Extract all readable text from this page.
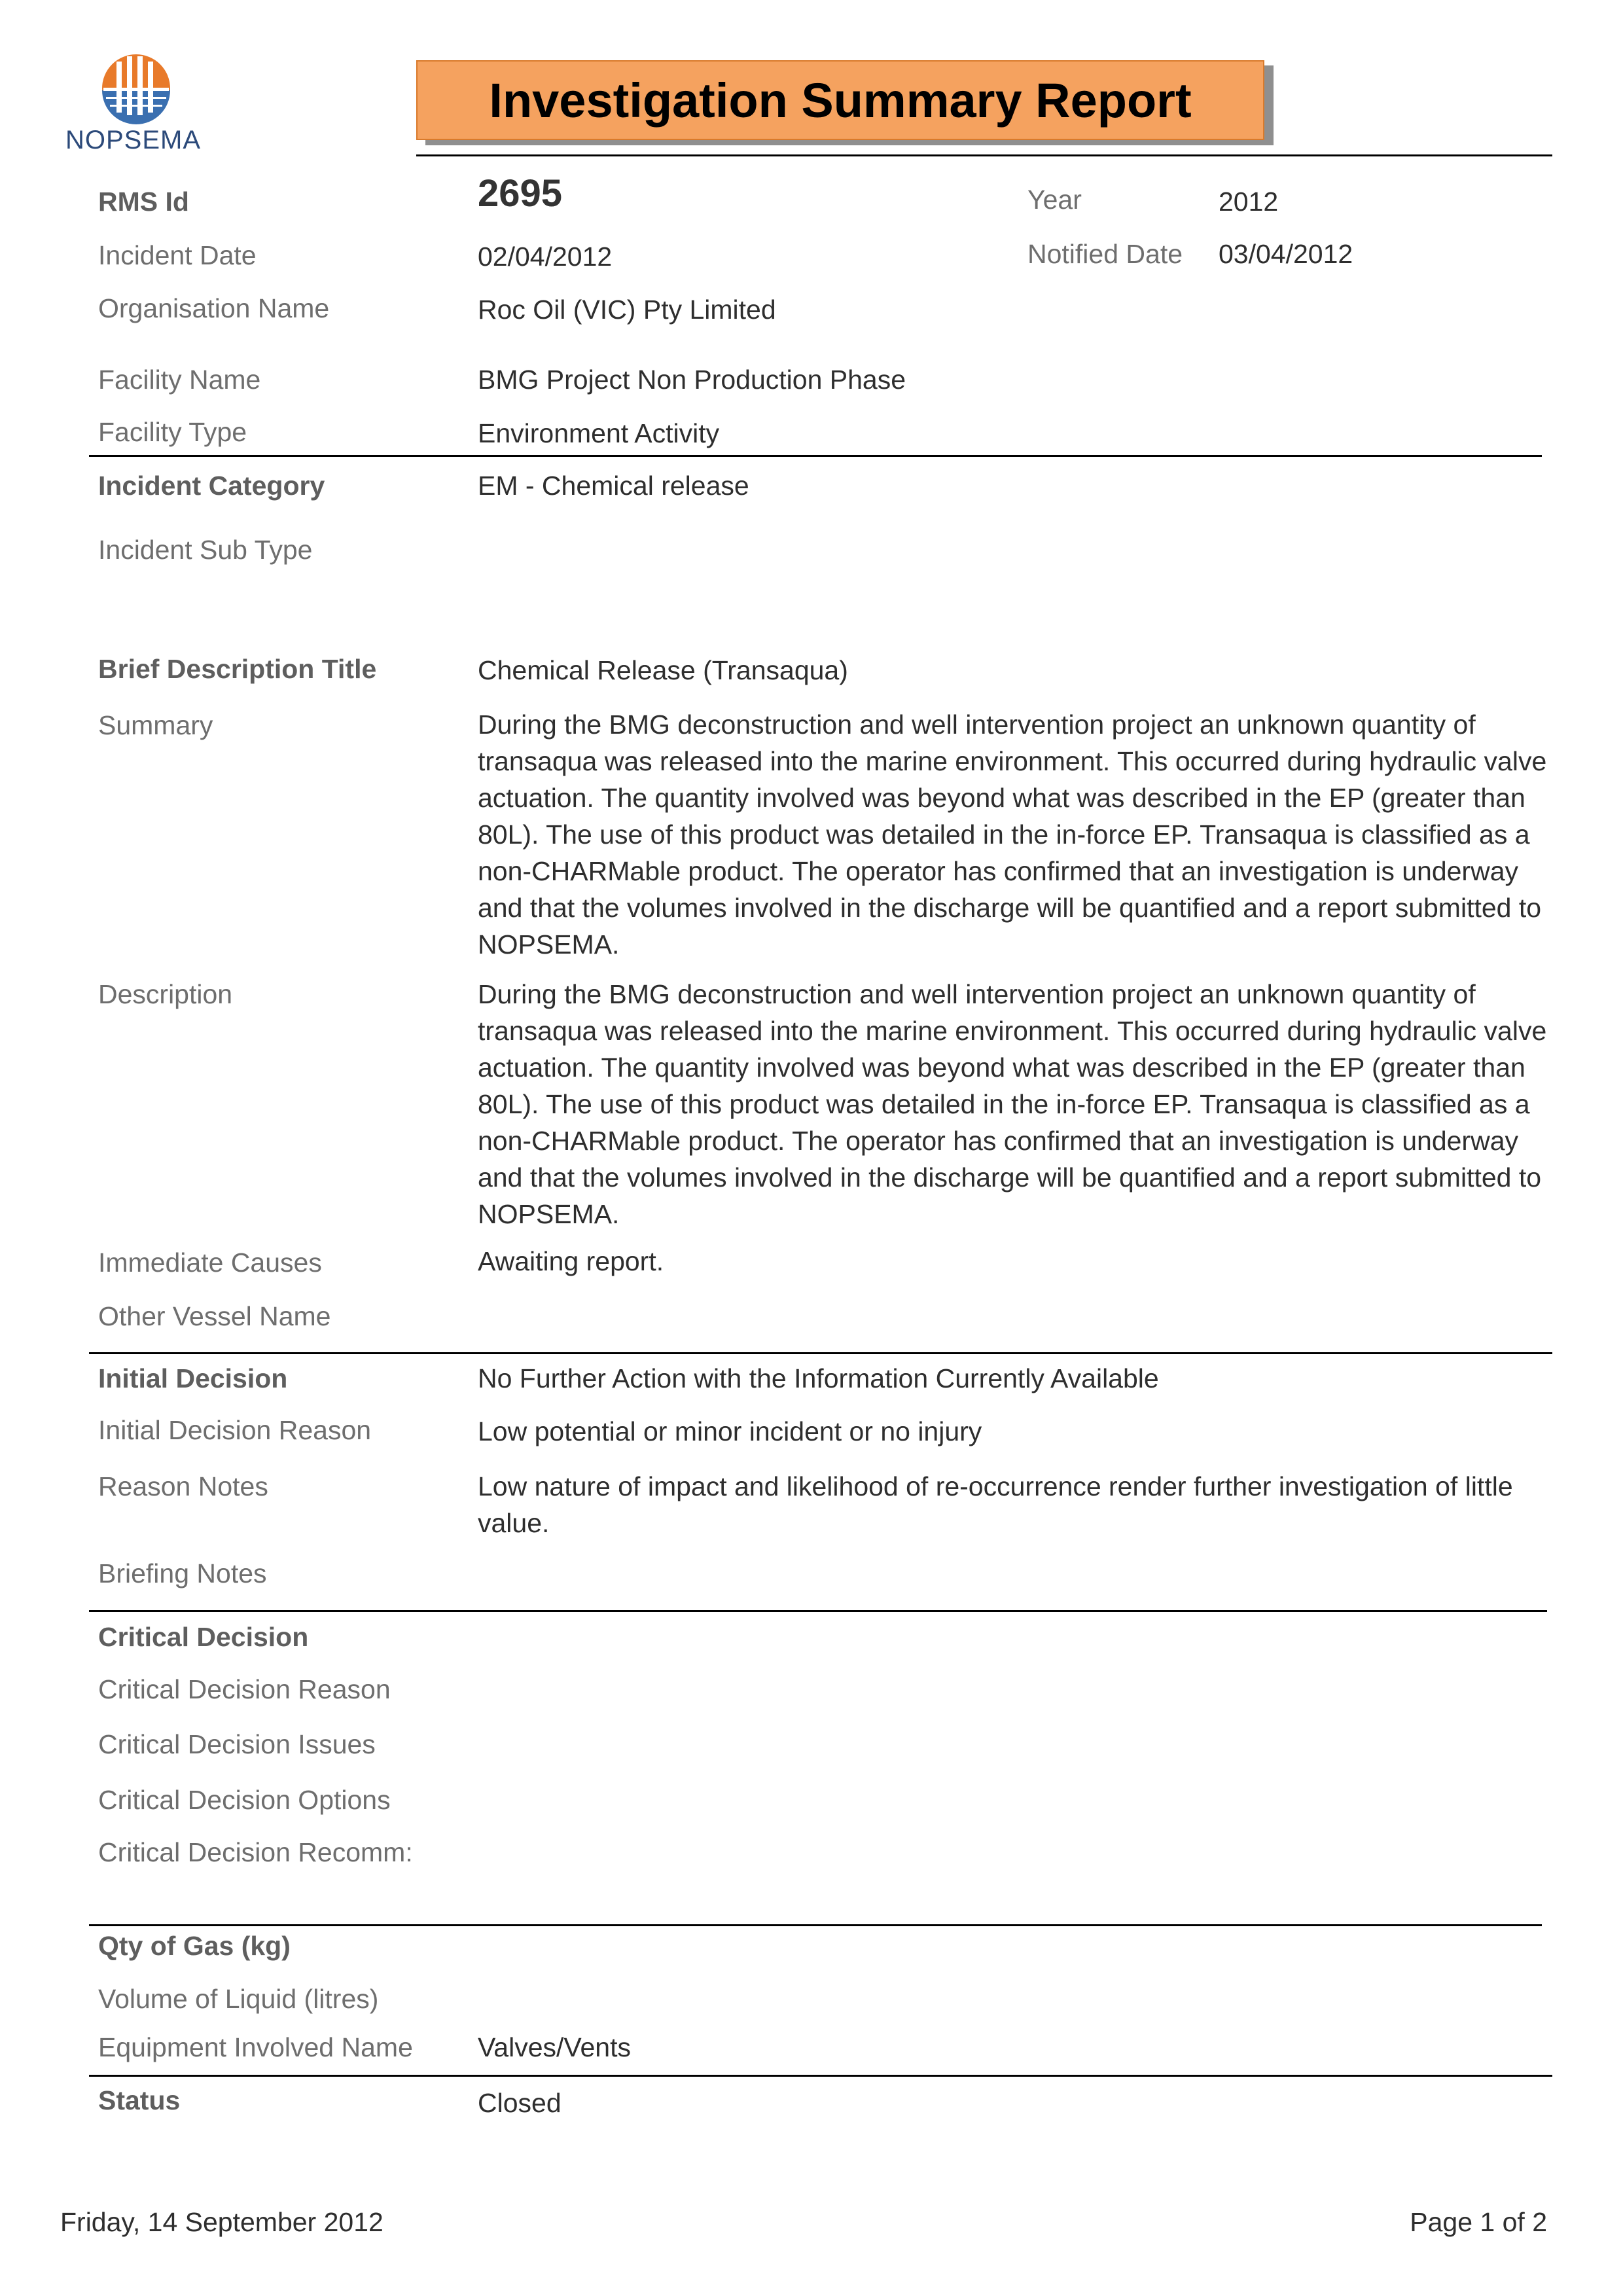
NOPSEMA
Investigation Summary Report
RMS Id	2695	Year	2012
Incident Date	02/04/2012	Notified Date 03/04/2012
Organisation Name	Roc Oil (VIC) Pty Limited
Facility Name	BMG Project Non Production Phase
Facility Type	Environment Activity
Incident Category	EM - Chemical release
Incident Sub Type
Brief Description Title	Chemical Release (Transaqua)
Summary	During the BMG deconstruction and well intervention project an unknown quantity of transaqua was released into the marine environment. This occurred during hydraulic valve actuation. The quantity involved was beyond what was described in the EP (greater than 80L). The use of this product was detailed in the in-force EP. Transaqua is classified as a non-CHARMable product. The operator has confirmed that an investigation is underway and that the volumes involved in the discharge will be quantified and a report submitted to NOPSEMA.
Description	During the BMG deconstruction and well intervention project an unknown quantity of transaqua was released into the marine environment. This occurred during hydraulic valve actuation. The quantity involved was beyond what was described in the EP (greater than 80L). The use of this product was detailed in the in-force EP. Transaqua is classified as a non-CHARMable product. The operator has confirmed that an investigation is underway and that the volumes involved in the discharge will be quantified and a report submitted to NOPSEMA.
Immediate Causes	Awaiting report.
Other Vessel Name
Initial Decision	No Further Action with the Information Currently Available
Initial Decision Reason	Low potential or minor incident or no injury
Reason Notes	Low nature of impact and likelihood of re-occurrence render further investigation of little value.
Briefing Notes
Critical Decision
Critical Decision Reason
Critical Decision Issues
Critical Decision Options
Critical Decision Recomm:
Qty of Gas (kg)
Volume of Liquid (litres)
Equipment Involved Name Valves/Vents
Status	Closed
Friday, 14 September 2012	Page 1 of 2
